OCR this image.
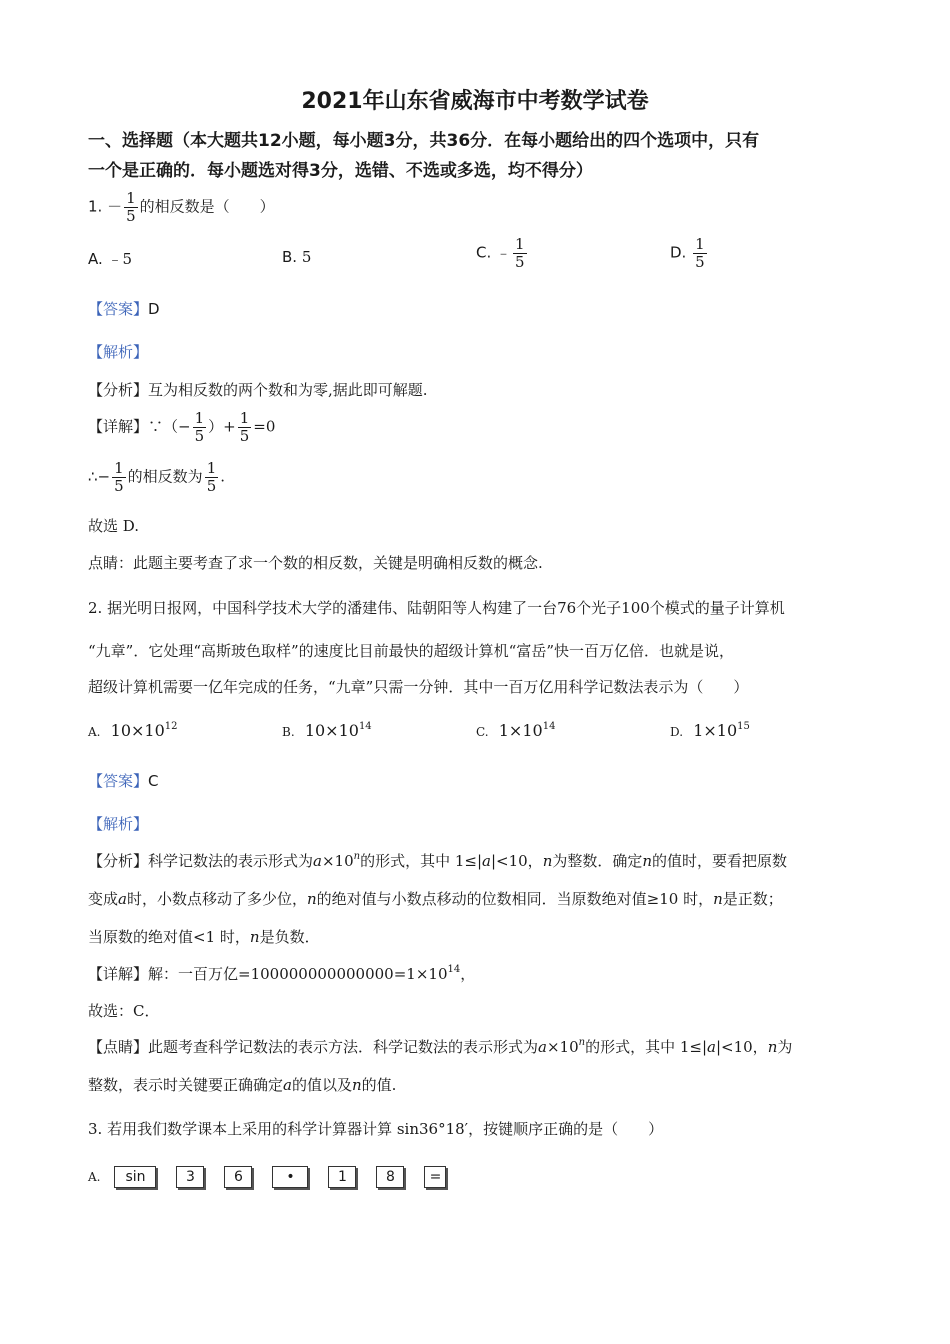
2021年山东省威海市中考数学试卷
一、选择题（本大题共12小题，每小题3分，共36分．在每小题给出的四个选项中，只有
一个是正确的．每小题选对得3分，选错、不选或多选，均不得分）
1. － $\frac{1}{5}$ 的相反数是（　　）
A. ﹣5	B. 5	C. ﹣ $\frac{1}{5}$	D. $\frac{1}{5}$
【答案】D
【解析】
【分析】互为相反数的两个数和为零,据此即可解题.
【详解】∵（− $\frac{1}{5}$ ）+ $\frac{1}{5} =0$
∴− $\frac{1}{5}$ 的相反数为 $\frac{1}{5}$ .
故选 D.
点睛：此题主要考查了求一个数的相反数，关键是明确相反数的概念.
2. 据光明日报网，中国科学技术大学的潘建伟、陆朝阳等人构建了一台76个光子100个模式的量子计算机
“九章”．它处理“高斯玻色取样”的速度比目前最快的超级计算机“富岳”快一百万亿倍．也就是说，
超级计算机需要一亿年完成的任务，“九章”只需一分钟．其中一百万亿用科学记数法表示为（　　）
A. $10\times 10^{12}$	B. $10\times 10^{14}$	C. $1\times 10^{14}$	D. $1\times 10^{15}$
【答案】C
【解析】
【分析】科学记数法的表示形式为$a\times 10^n$的形式，其中 1≤|a|<10，n为整数．确定n的值时，要看把原数
变成a时，小数点移动了多少位，n的绝对值与小数点移动的位数相同．当原数绝对值≥10 时，n是正数；
当原数的绝对值<1 时，n是负数．
【详解】解：一百万亿$=100000000000000=1\times 10^{14}$，
故选：C．
【点睛】此题考查科学记数法的表示方法．科学记数法的表示形式为$a\times 10^n$的形式，其中 1≤|a|<10，n为
整数，表示时关键要正确确定a的值以及n的值.
3. 若用我们数学课本上采用的科学计算器计算 sin36°18′，按键顺序正确的是（　　）
A.	sin	3	6	•	1	8	=
